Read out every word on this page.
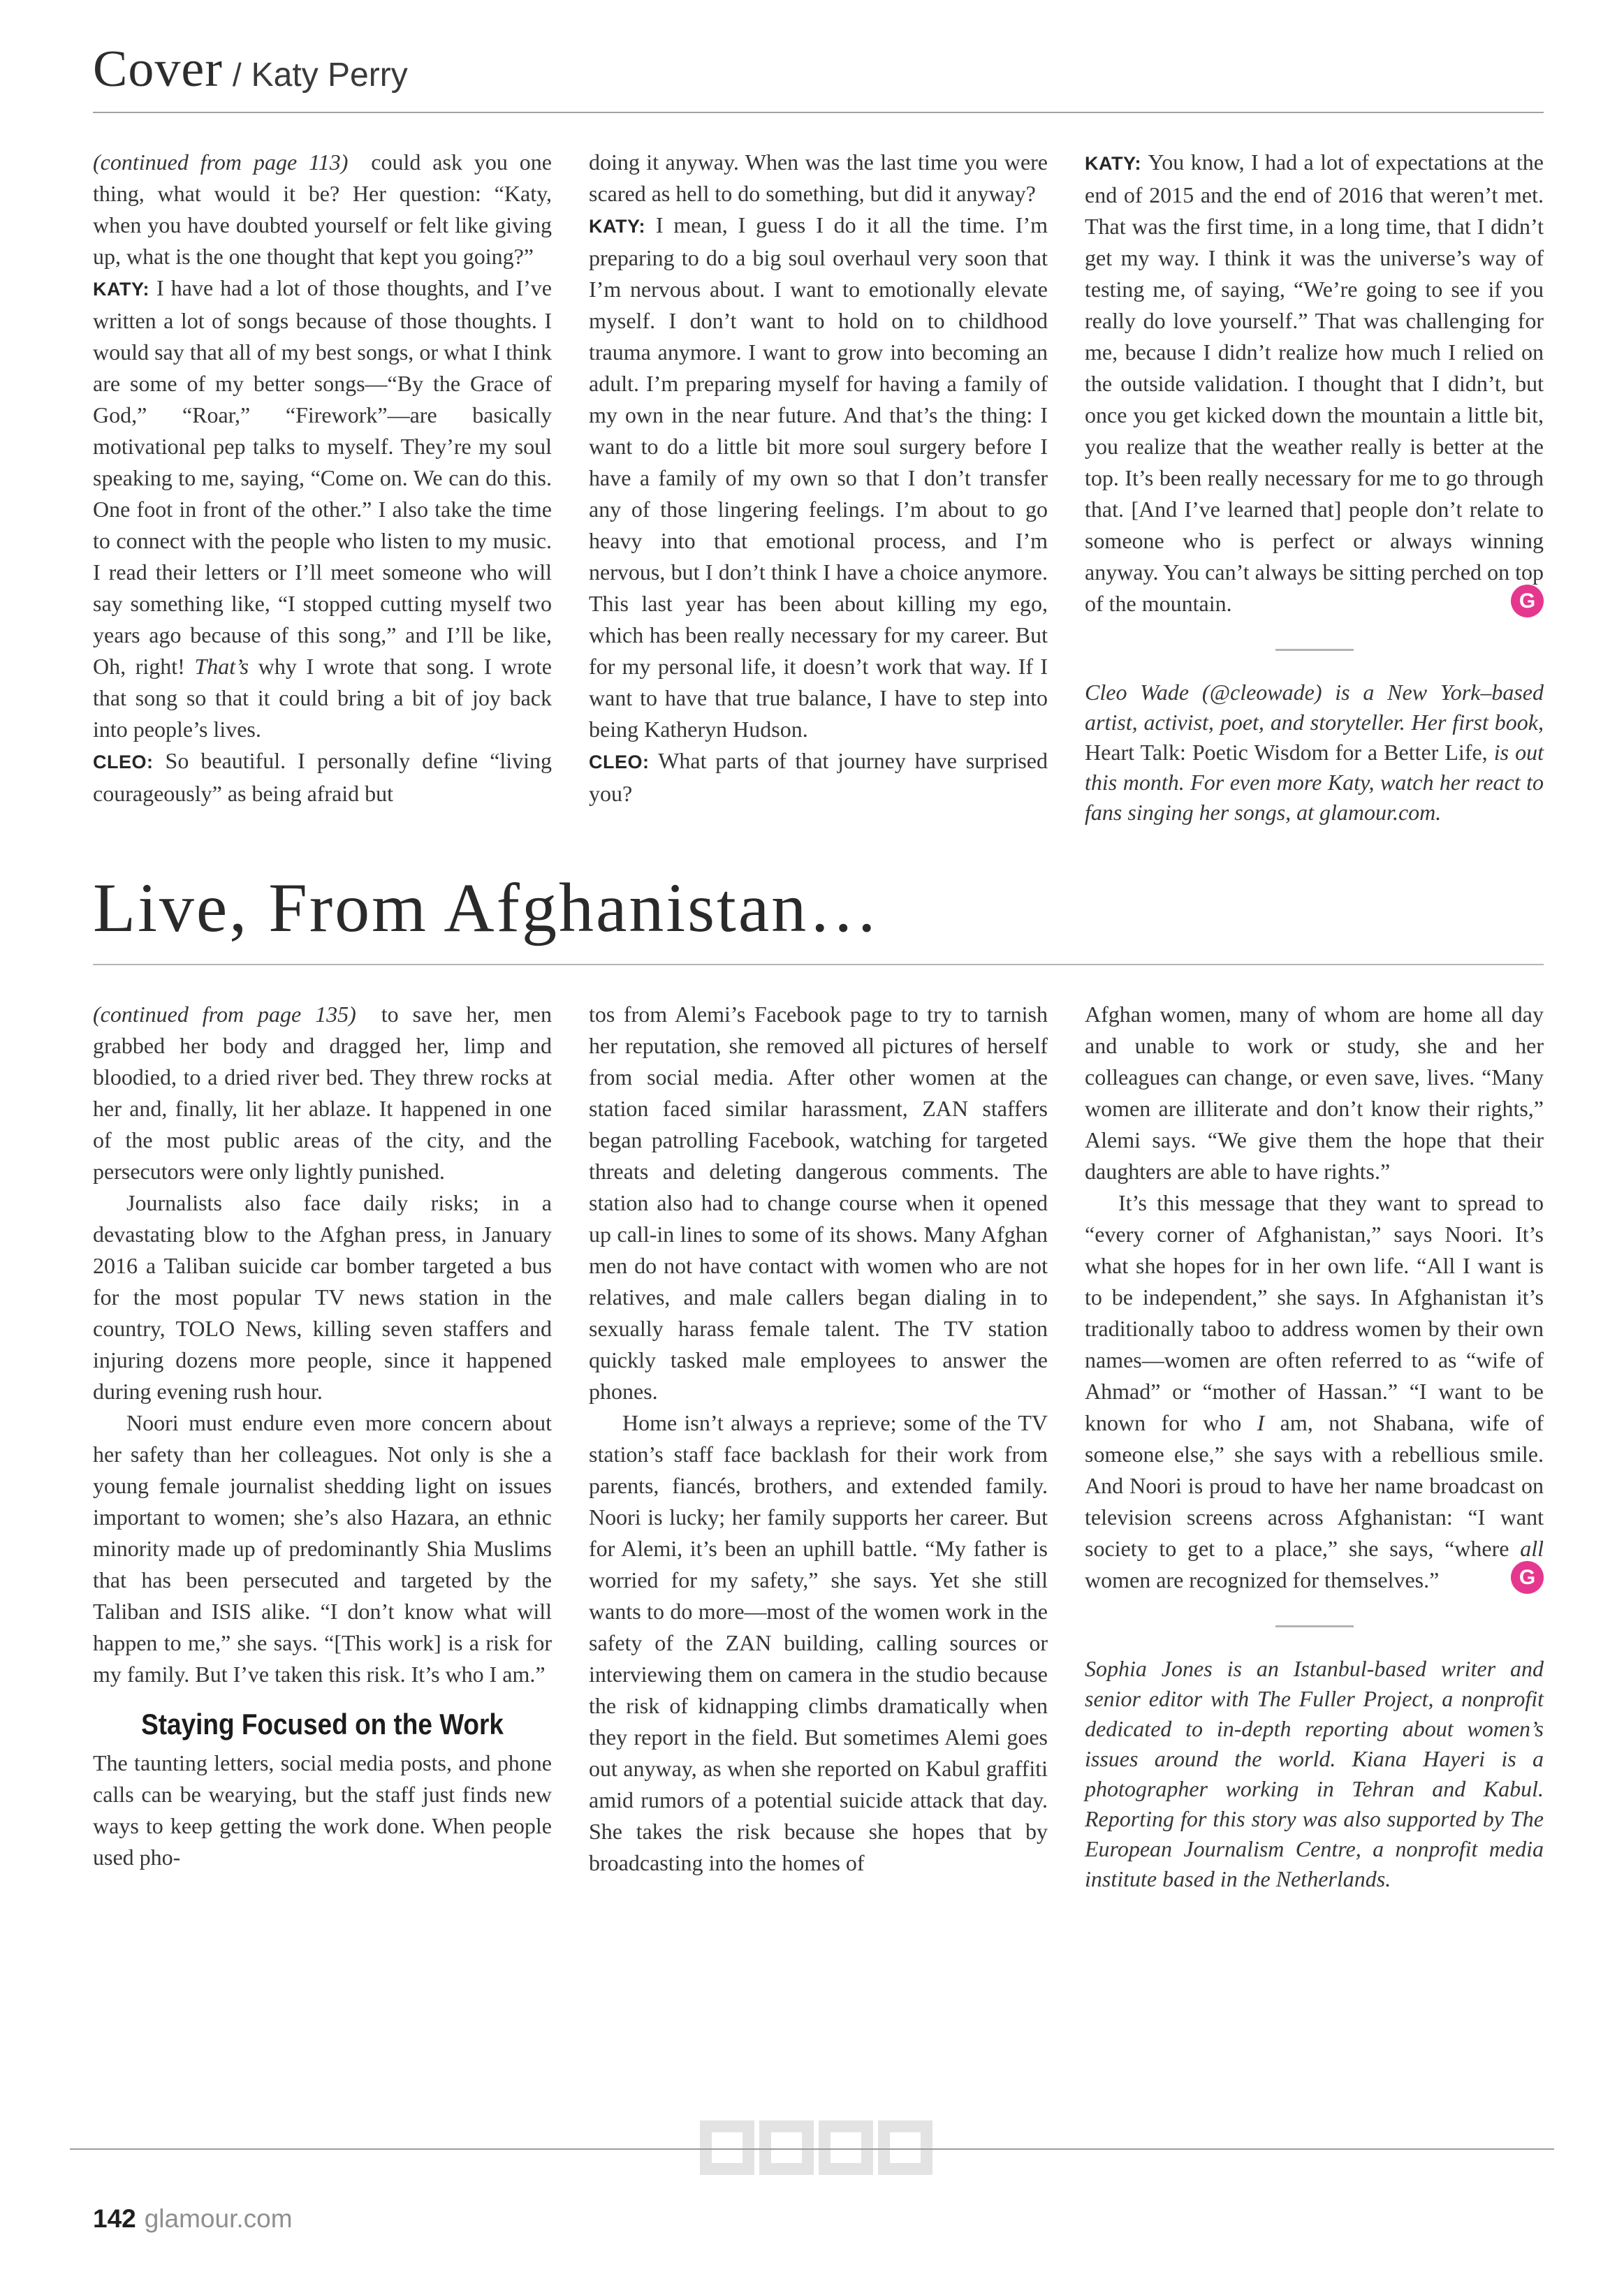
Cover / Katy Perry

(continued from page 113)  could ask you one thing, what would it be? Her question: “Katy, when you have doubted yourself or felt like giving up, what is the one thought that kept you going?”

KATY: I have had a lot of those thoughts, and I’ve written a lot of songs because of those thoughts. I would say that all of my best songs, or what I think are some of my better songs—“By the Grace of God,” “Roar,” “Firework”—are basically motivational pep talks to myself. They’re my soul speaking to me, saying, “Come on. We can do this. One foot in front of the other.” I also take the time to connect with the people who listen to my music. I read their letters or I’ll meet someone who will say something like, “I stopped cutting myself two years ago because of this song,” and I’ll be like, Oh, right! That’s why I wrote that song. I wrote that song so that it could bring a bit of joy back into people’s lives.

CLEO: So beautiful. I personally define “living courageously” as being afraid but

doing it anyway. When was the last time you were scared as hell to do something, but did it anyway?

KATY: I mean, I guess I do it all the time. I’m preparing to do a big soul overhaul very soon that I’m nervous about. I want to emotionally elevate myself. I don’t want to hold on to childhood trauma anymore. I want to grow into becoming an adult. I’m preparing myself for having a family of my own in the near future. And that’s the thing: I want to do a little bit more soul surgery before I have a family of my own so that I don’t transfer any of those lingering feelings. I’m about to go heavy into that emotional process, and I’m nervous, but I don’t think I have a choice anymore. This last year has been about killing my ego, which has been really necessary for my career. But for my personal life, it doesn’t work that way. If I want to have that true balance, I have to step into being Katheryn Hudson.

CLEO: What parts of that journey have surprised you?

KATY: You know, I had a lot of expectations at the end of 2015 and the end of 2016 that weren’t met. That was the first time, in a long time, that I didn’t get my way. I think it was the universe’s way of testing me, of saying, “We’re going to see if you really do love yourself.” That was challenging for me, because I didn’t realize how much I relied on the outside validation. I thought that I didn’t, but once you get kicked down the mountain a little bit, you realize that the weather really is better at the top. It’s been really necessary for me to go through that. [And I’ve learned that] people don’t relate to someone who is perfect or always winning anyway. You can’t always be sitting perched on top of the mountain.	G

Cleo Wade (@cleowade) is a New York–based artist, activist, poet, and storyteller. Her first book, Heart Talk: Poetic Wisdom for a Better Life, is out this month. For even more Katy, watch her react to fans singing her songs, at glamour.com.

Live, From Afghanistan…

(continued from page 135)  to save her, men grabbed her body and dragged her, limp and bloodied, to a dried river bed. They threw rocks at her and, finally, lit her ablaze. It happened in one of the most public areas of the city, and the persecutors were only lightly punished.

Journalists also face daily risks; in a devastating blow to the Afghan press, in January 2016 a Taliban suicide car bomber targeted a bus for the most popular TV news station in the country, TOLO News, killing seven staffers and injuring dozens more people, since it happened during evening rush hour.

Noori must endure even more concern about her safety than her colleagues. Not only is she a young female journalist shedding light on issues important to women; she’s also Hazara, an ethnic minority made up of predominantly Shia Muslims that has been persecuted and targeted by the Taliban and ISIS alike. “I don’t know what will happen to me,” she says. “[This work] is a risk for my family. But I’ve taken this risk. It’s who I am.”

Staying Focused on the Work

The taunting letters, social media posts, and phone calls can be wearying, but the staff just finds new ways to keep getting the work done. When people used pho-

tos from Alemi’s Facebook page to try to tarnish her reputation, she removed all pictures of herself from social media. After other women at the station faced similar harassment, ZAN staffers began patrolling Facebook, watching for targeted threats and deleting dangerous comments. The station also had to change course when it opened up call-in lines to some of its shows. Many Afghan men do not have contact with women who are not relatives, and male callers began dialing in to sexually harass female talent. The TV station quickly tasked male employees to answer the phones.

Home isn’t always a reprieve; some of the TV station’s staff face backlash for their work from parents, fiancés, brothers, and extended family. Noori is lucky; her family supports her career. But for Alemi, it’s been an uphill battle. “My father is worried for my safety,” she says. Yet she still wants to do more—most of the women work in the safety of the ZAN building, calling sources or interviewing them on camera in the studio because the risk of kidnapping climbs dramatically when they report in the field. But sometimes Alemi goes out anyway, as when she reported on Kabul graffiti amid rumors of a potential suicide attack that day. She takes the risk because she hopes that by broadcasting into the homes of

Afghan women, many of whom are home all day and unable to work or study, she and her colleagues can change, or even save, lives. “Many women are illiterate and don’t know their rights,” Alemi says. “We give them the hope that their daughters are able to have rights.”

It’s this message that they want to spread to “every corner of Afghanistan,” says Noori. It’s what she hopes for in her own life. “All I want is to be independent,” she says. In Afghanistan it’s traditionally taboo to address women by their own names—women are often referred to as “wife of Ahmad” or “mother of Hassan.” “I want to be known for who I am, not Shabana, wife of someone else,” she says with a rebellious smile. And Noori is proud to have her name broadcast on television screens across Afghanistan: “I want society to get to a place,” she says, “where all women are recognized for themselves.”	G

Sophia Jones is an Istanbul-based writer and senior editor with The Fuller Project, a nonprofit dedicated to in-depth reporting about women’s issues around the world. Kiana Hayeri is a photographer working in Tehran and Kabul. Reporting for this story was also supported by The European Journalism Centre, a nonprofit media institute based in the Netherlands.

142 glamour.com
